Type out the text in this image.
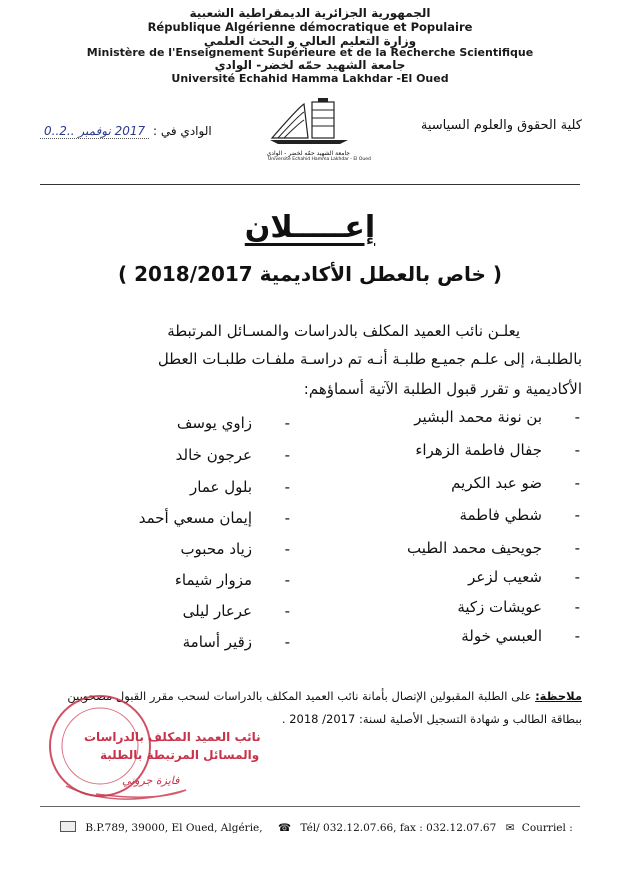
الجمهورية الجزائرية الديمقراطية الشعبية
République Algérienne démocratique et Populaire
وزارة التعليم العالي و البحث العلمي
Ministère de l'Enseignement Supérieure et de la Recherche Scientifique
جامعة الشهيد حمّه لخضر- الوادي
Université Echahid Hamma Lakhdar -El Oued
الوادي في : 2017 نوفمبر ..2..0
جامعة الشهيد حمّه لخضر - الوادي
Université Echahid Hamma Lakhdar - El Oued
كلية الحقوق والعلوم السياسية
إعـــــلان
( خاص بالعطل الأكاديمية 2018/2017 )
يعلـن نائب العميد المكلف بالدراسات والمسـائل المرتبطة
بالطلبـة، إلى علـم جميـع طلبـة أنـه تم دراسـة ملفـات طلبـات العطل
الأكاديمية و تقرر قبول الطلبة الآتية أسماؤهم:
- بن نونة محمد البشير
- جفال فاطمة الزهراء
- ضو عبد الكريم
- شطي فاطمة
- جويحيف محمد الطيب
- شعيب لزعر
- عويشات زكية
- العبسي خولة
- زاوي يوسف
- عرجون خالد
- بلول عمار
- إيمان مسعي أحمد
- زياد محبوب
- مزوار شيماء
- عرعار ليلى
- زقير أسامة
ملاحظة: على الطلبة المقبولين الإتصال بأمانة نائب العميد المكلف بالدراسات لسحب مقرر القبول مصحوبين
ببطاقة الطالب و شهادة التسجيل الأصلية لسنة: 2017/ 2018 .
نائب العميد المكلف بالدراسات
والمسائل المرتبطة بالطلبة
فايزة جروني
B.P.789, 39000, El Oued, Algérie, ☎ Tél/ 032.12.07.66, fax : 032.12.07.67 ✉ Courriel :
